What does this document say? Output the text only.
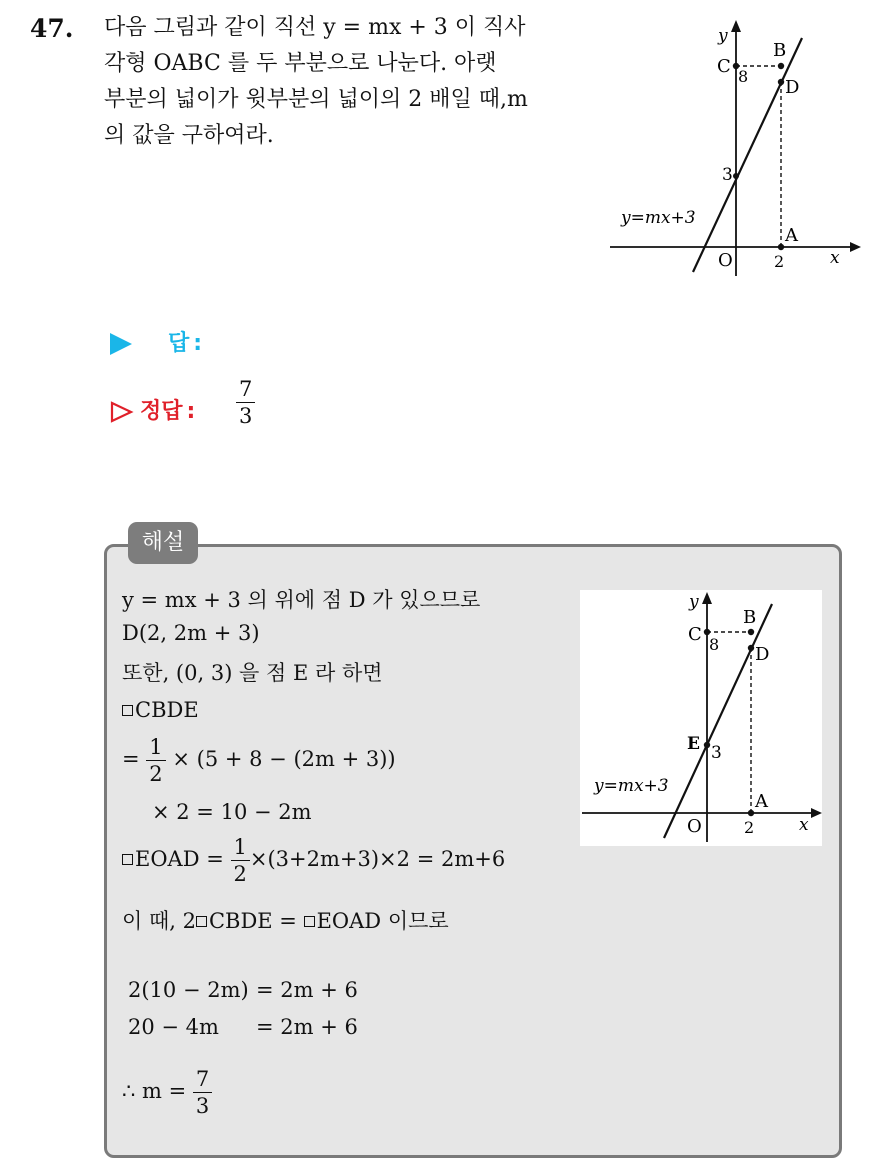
47. 다음 그림과 같이 직선 y = mx + 3 이 직사
각형 OABC 를 두 부분으로 나눈다. 아랫
부분의 넓이가 윗부분의 넓이의 2 배일 때,m
의 값을 구하여라.
y
B
C 8
D
3
y=mx+3
A
O	2	x
답 :
정답 : $\frac{7}{3}$
해설
y = mx + 3 의 위에 점 D 가 있으므로
D(2, 2m + 3)
또한, (0, 3) 을 점 E 라 하면
CBDE
= $\frac{1}{2} \times (5 + 8 - (2m + 3))$
× 2 = 10 − 2m
EOAD = $\frac{1}{2} \times(3+2m+3)\times 2 = 2m+6$
이 때, 2 CBDE = EOAD 이므로
2(10 − 2m) = 2m + 6
20 − 4m = 2m + 6
∴ $m = \frac{7}{3}$
y
B
C 8 D
E 3
y=mx+3
A
O	2	x
